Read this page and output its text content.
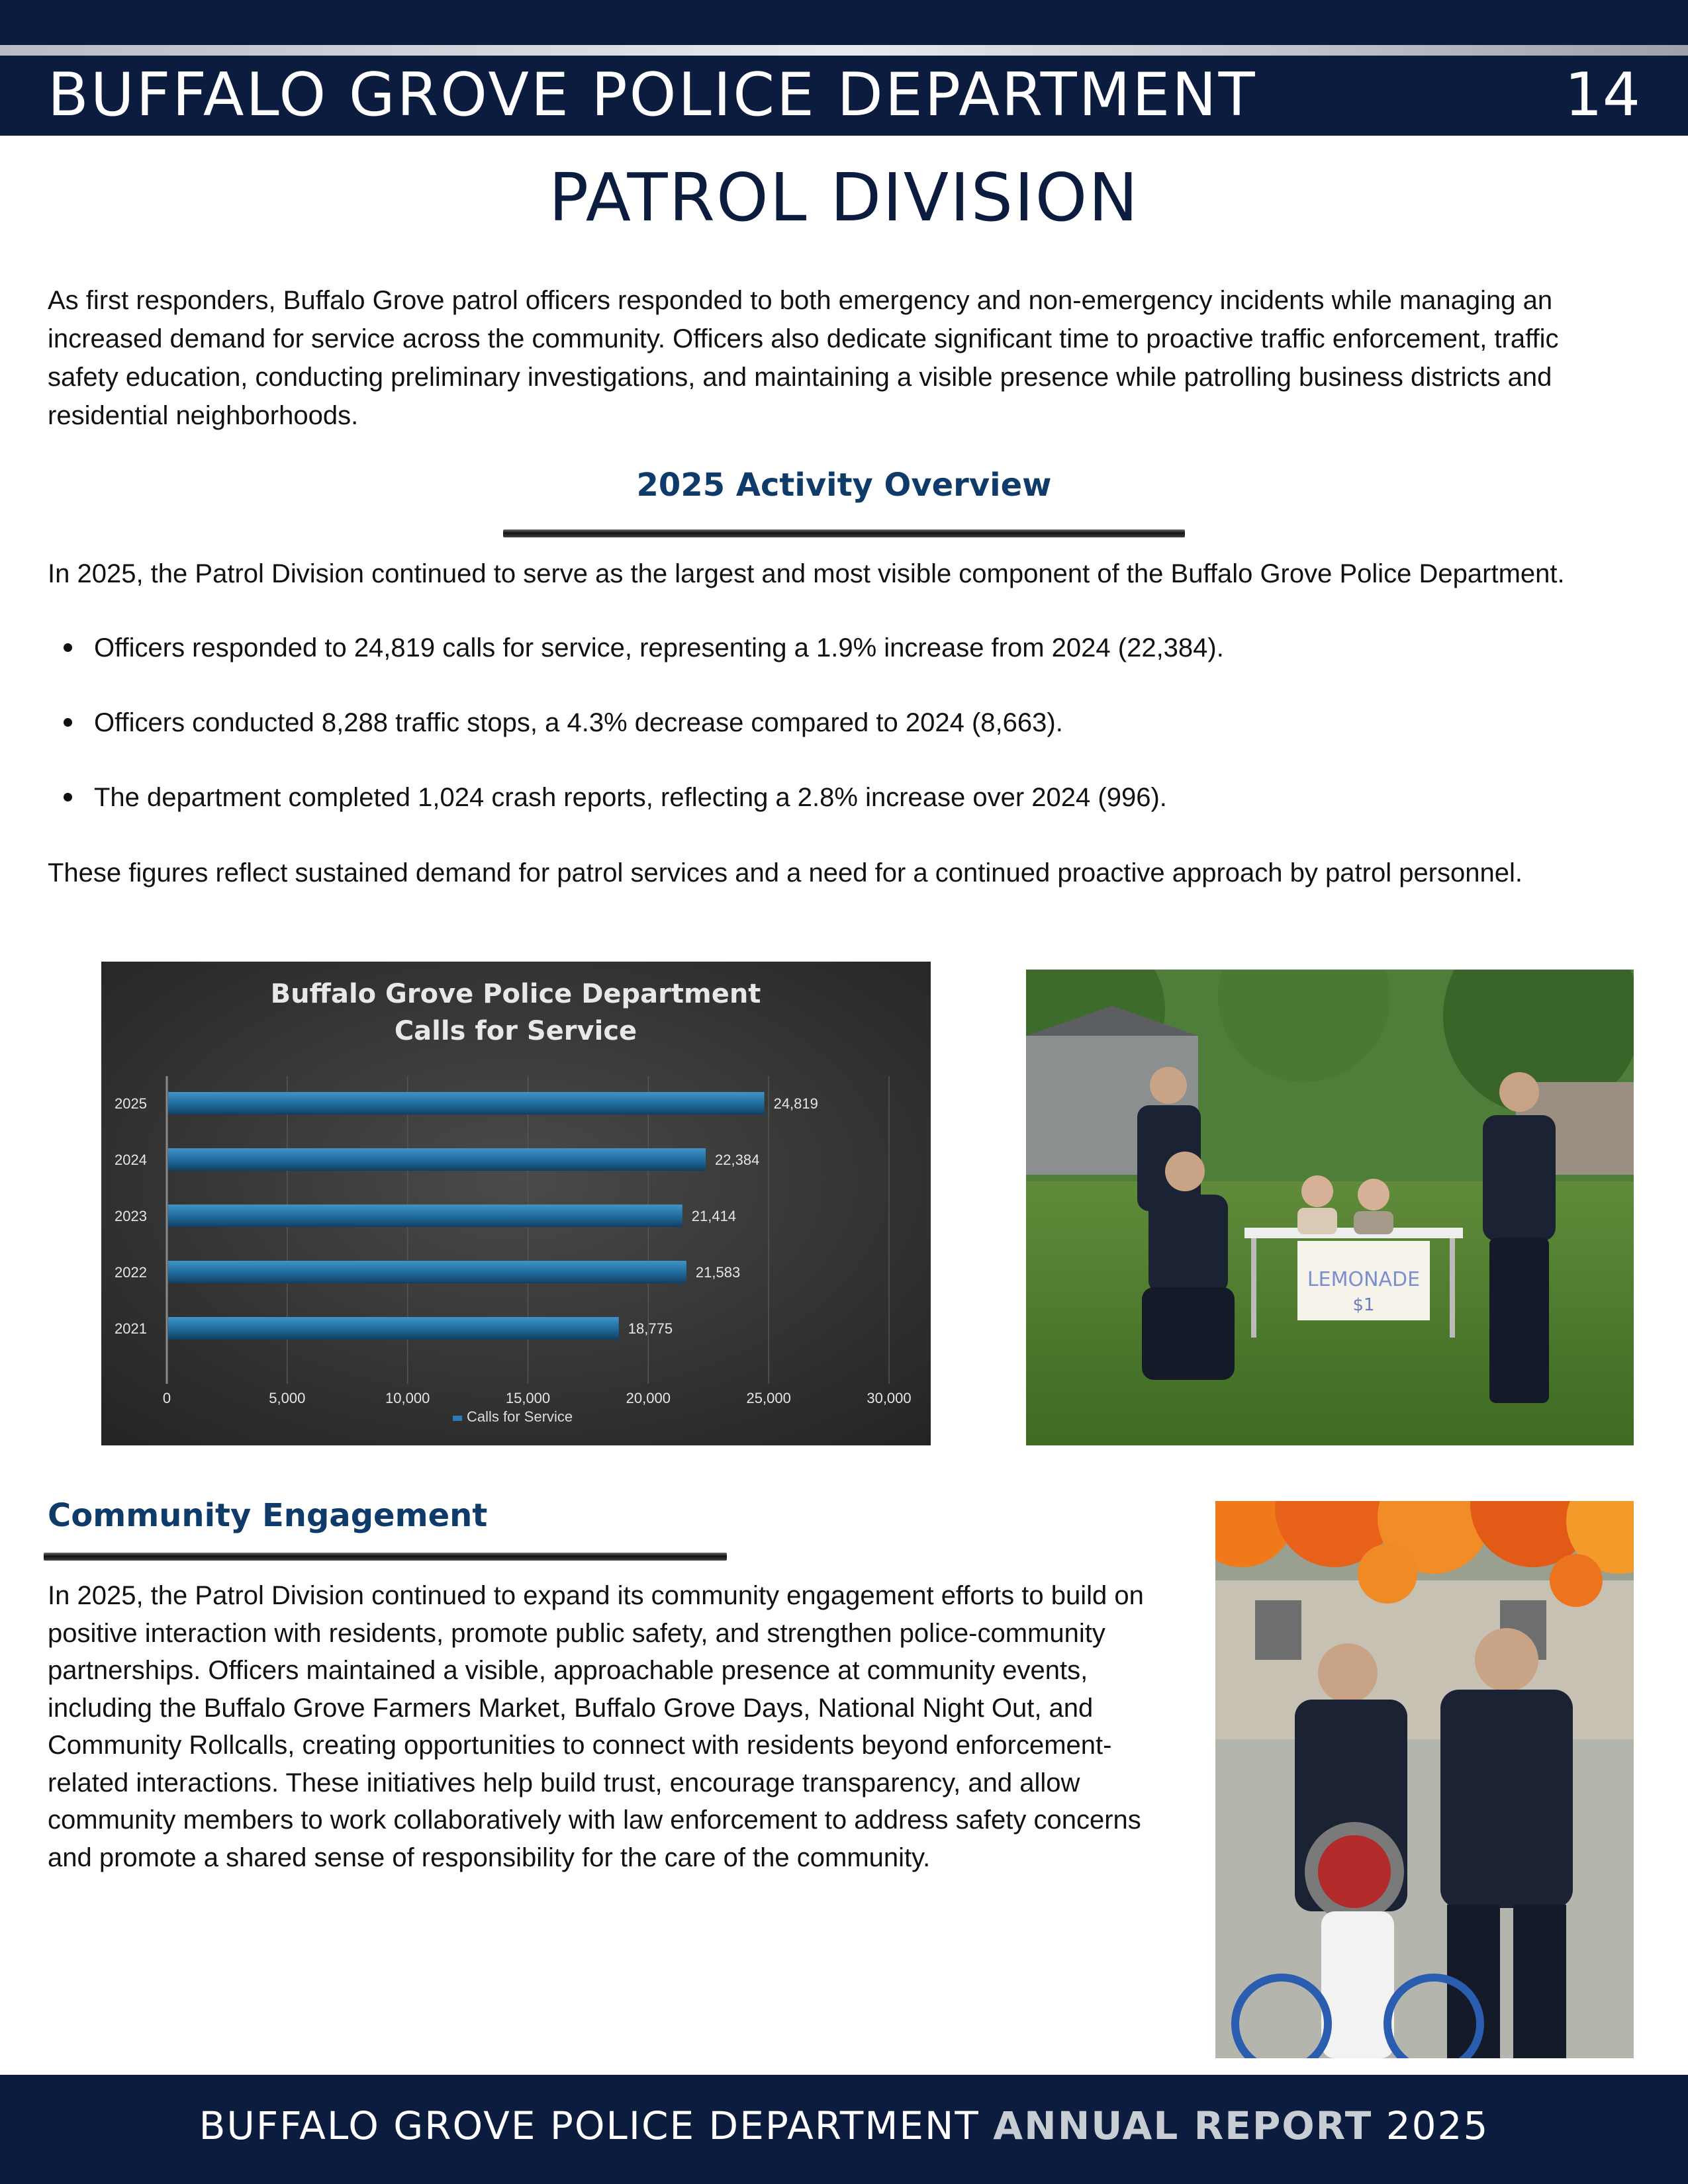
BUFFALO GROVE POLICE DEPARTMENT	14
PATROL DIVISION

As first responders, Buffalo Grove patrol officers responded to both emergency and non-emergency incidents while managing an increased demand for service across the community. Officers also dedicate significant time to proactive traffic enforcement, traffic safety education, conducting preliminary investigations, and maintaining a visible presence while patrolling business districts and residential neighborhoods.

2025 Activity Overview

In 2025, the Patrol Division continued to serve as the largest and most visible component of the Buffalo Grove Police Department.

Officers responded to 24,819 calls for service, representing a 1.9% increase from 2024 (22,384).
Officers conducted 8,288 traffic stops, a 4.3% decrease compared to 2024 (8,663).
The department completed 1,024 crash reports, reflecting a 2.8% increase over 2024 (996).

These figures reflect sustained demand for patrol services and a need for a continued proactive approach by patrol personnel.

Buffalo Grove Police Department
Calls for Service
2025	24,819
2024	22,384
2023	21,414
2022	21,583
2021	18,775
0	5,000	10,000	15,000	20,000	25,000	30,000
Calls for Service
LEMONADE
$1
Community Engagement

In 2025, the Patrol Division continued to expand its community engagement efforts to build on positive interaction with residents, promote public safety, and strengthen police-community partnerships. Officers maintained a visible, approachable presence at community events, including the Buffalo Grove Farmers Market, Buffalo Grove Days, National Night Out, and Community Rollcalls, creating opportunities to connect with residents beyond enforcement-related interactions. These initiatives help build trust, encourage transparency, and allow community members to work collaboratively with law enforcement to address safety concerns and promote a shared sense of responsibility for the care of the community.

BUFFALO GROVE POLICE DEPARTMENT ANNUAL REPORT 2025
